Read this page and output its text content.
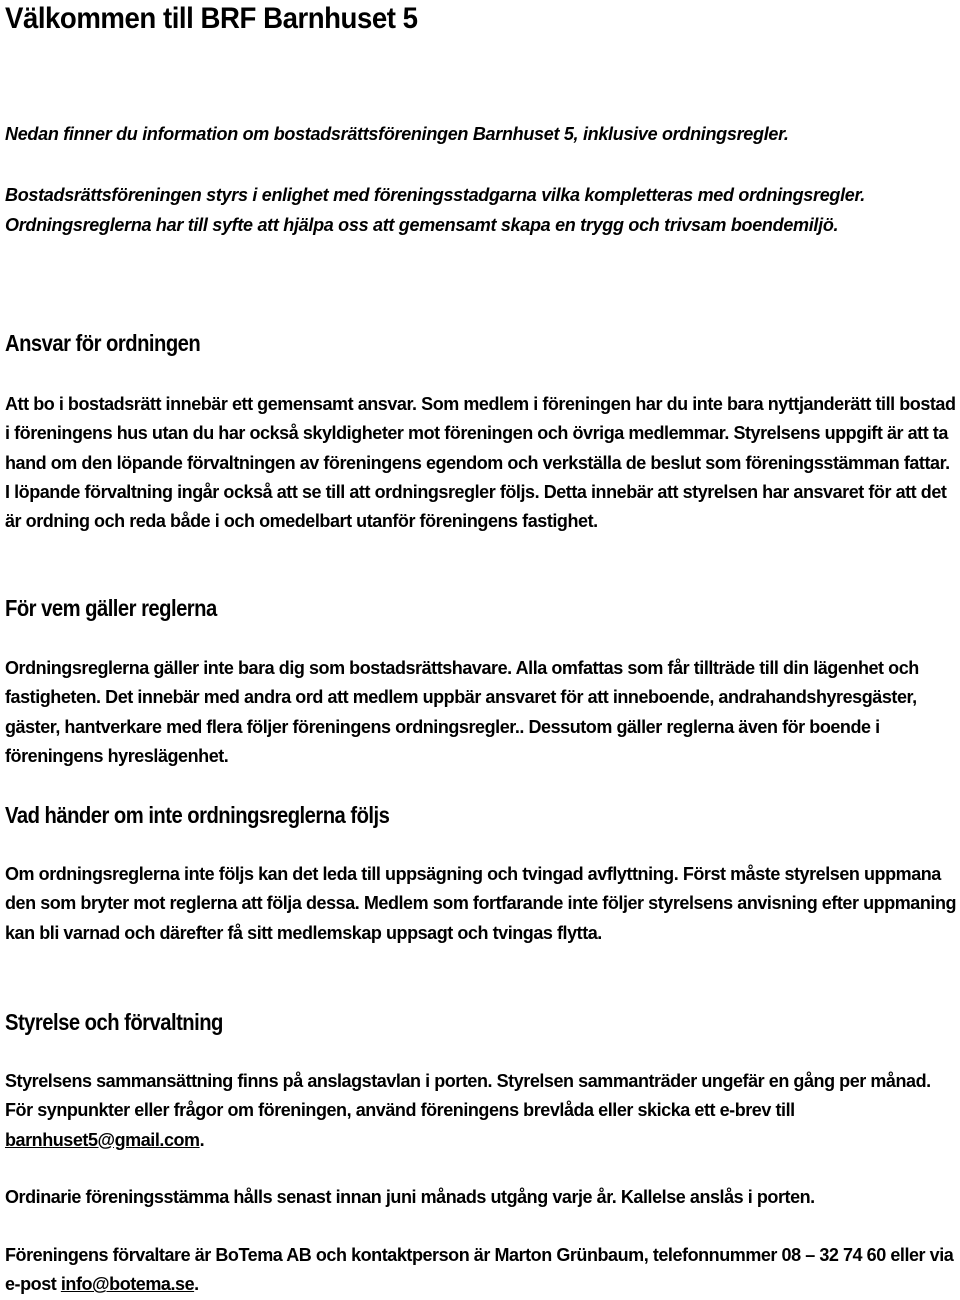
Välkommen till BRF Barnhuset 5

Nedan finner du information om bostadsrättsföreningen Barnhuset 5, inklusive ordningsregler.

Bostadsrättsföreningen styrs i enlighet med föreningsstadgarna vilka kompletteras med ordningsregler. Ordningsreglerna har till syfte att hjälpa oss att gemensamt skapa en trygg och trivsam boendemiljö.

Ansvar för ordningen

Att bo i bostadsrätt innebär ett gemensamt ansvar. Som medlem i föreningen har du inte bara nyttjanderätt till bostad i föreningens hus utan du har också skyldigheter mot föreningen och övriga medlemmar. Styrelsens uppgift är att ta hand om den löpande förvaltningen av föreningens egendom och verkställa de beslut som föreningsstämman fattar. I löpande förvaltning ingår också att se till att ordningsregler följs. Detta innebär att styrelsen har ansvaret för att det är ordning och reda både i och omedelbart utanför föreningens fastighet.

För vem gäller reglerna

Ordningsreglerna gäller inte bara dig som bostadsrättshavare. Alla omfattas som får tillträde till din lägenhet och fastigheten. Det innebär med andra ord att medlem uppbär ansvaret för att inneboende, andrahandshyresgäster, gäster, hantverkare med flera följer föreningens ordningsregler.. Dessutom gäller reglerna även för boende i föreningens hyreslägenhet.

Vad händer om inte ordningsreglerna följs

Om ordningsreglerna inte följs kan det leda till uppsägning och tvingad avflyttning. Först måste styrelsen uppmana den som bryter mot reglerna att följa dessa. Medlem som fortfarande inte följer styrelsens anvisning efter uppmaning kan bli varnad och därefter få sitt medlemskap uppsagt och tvingas flytta.

Styrelse och förvaltning

Styrelsens sammansättning finns på anslagstavlan i porten. Styrelsen sammanträder ungefär en gång per månad. För synpunkter eller frågor om föreningen, använd föreningens brevlåda eller skicka ett e-brev till barnhuset5@gmail.com.

Ordinarie föreningsstämma hålls senast innan juni månads utgång varje år. Kallelse anslås i porten.

Föreningens förvaltare är BoTema AB och kontaktperson är Marton Grünbaum, telefonnummer 08 – 32 74 60 eller via e-post info@botema.se.
